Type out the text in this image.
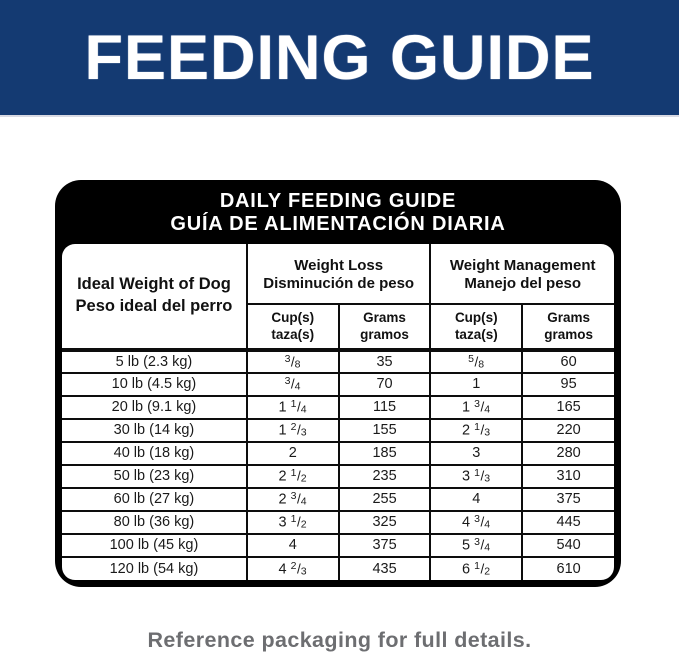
FEEDING GUIDE
DAILY FEEDING GUIDE
GUÍA DE ALIMENTACIÓN DIARIA
Ideal Weight of Dog
Peso ideal del perro

Weight Loss
Disminución de peso

Weight Management
Manejo del peso

Cup(s)
taza(s)

Grams
gramos

Cup(s)
taza(s)

Grams
gramos

5 lb (2.3 kg)	$^3$/8	35	$^5$/8	60
10 lb (4.5 kg)	$^3$/4	70	1	95
20 lb (9.1 kg)	1 $^1$/4	115	1 $^3$/4	165
30 lb (14 kg)	1 $^2$/3	155	2 $^1$/3	220
40 lb (18 kg)	2	185	3	280
50 lb (23 kg)	2 $^1$/2	235	3 $^1$/3	310
60 lb (27 kg)	2 $^3$/4	255	4	375
80 lb (36 kg)	3 $^1$/2	325	4 $^3$/4	445
100 lb (45 kg)	4	375	5 $^3$/4	540
120 lb (54 kg)	4 $^2$/3	435	6 $^1$/2	610
Reference packaging for full details.
